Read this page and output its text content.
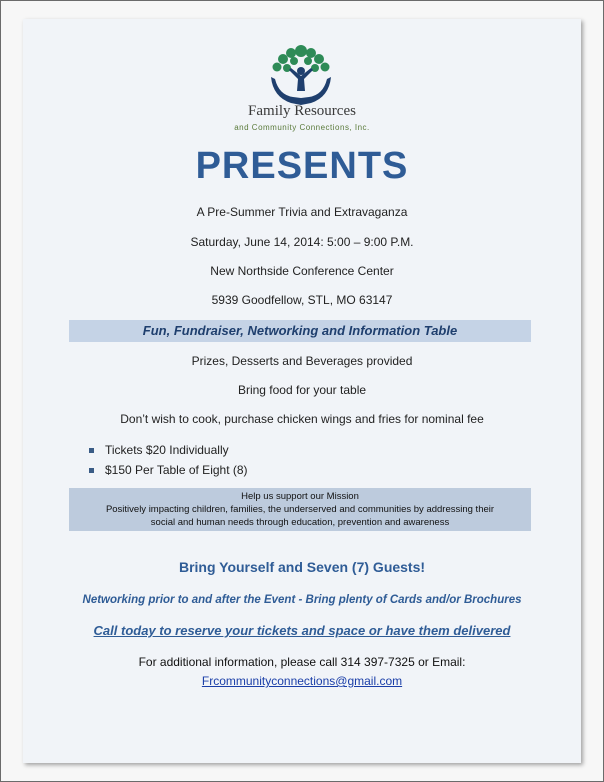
Family Resources
and Community Connections, Inc.
PRESENTS
A Pre-Summer Trivia and Extravaganza
Saturday, June 14, 2014: 5:00 – 9:00 P.M.
New Northside Conference Center
5939 Goodfellow, STL, MO 63147
Fun, Fundraiser, Networking and Information Table
Prizes, Desserts and Beverages provided
Bring food for your table
Don’t wish to cook, purchase chicken wings and fries for nominal fee
Tickets $20 Individually
$150 Per Table of Eight (8)
Help us support our Mission
Positively impacting children, families, the underserved and communities by addressing their
social and human needs through education, prevention and awareness
Bring Yourself and Seven (7) Guests!
Networking prior to and after the Event - Bring plenty of Cards and/or Brochures
Call today to reserve your tickets and space or have them delivered
For additional information, please call 314 397-7325 or Email:
Frcommunityconnections@gmail.com
